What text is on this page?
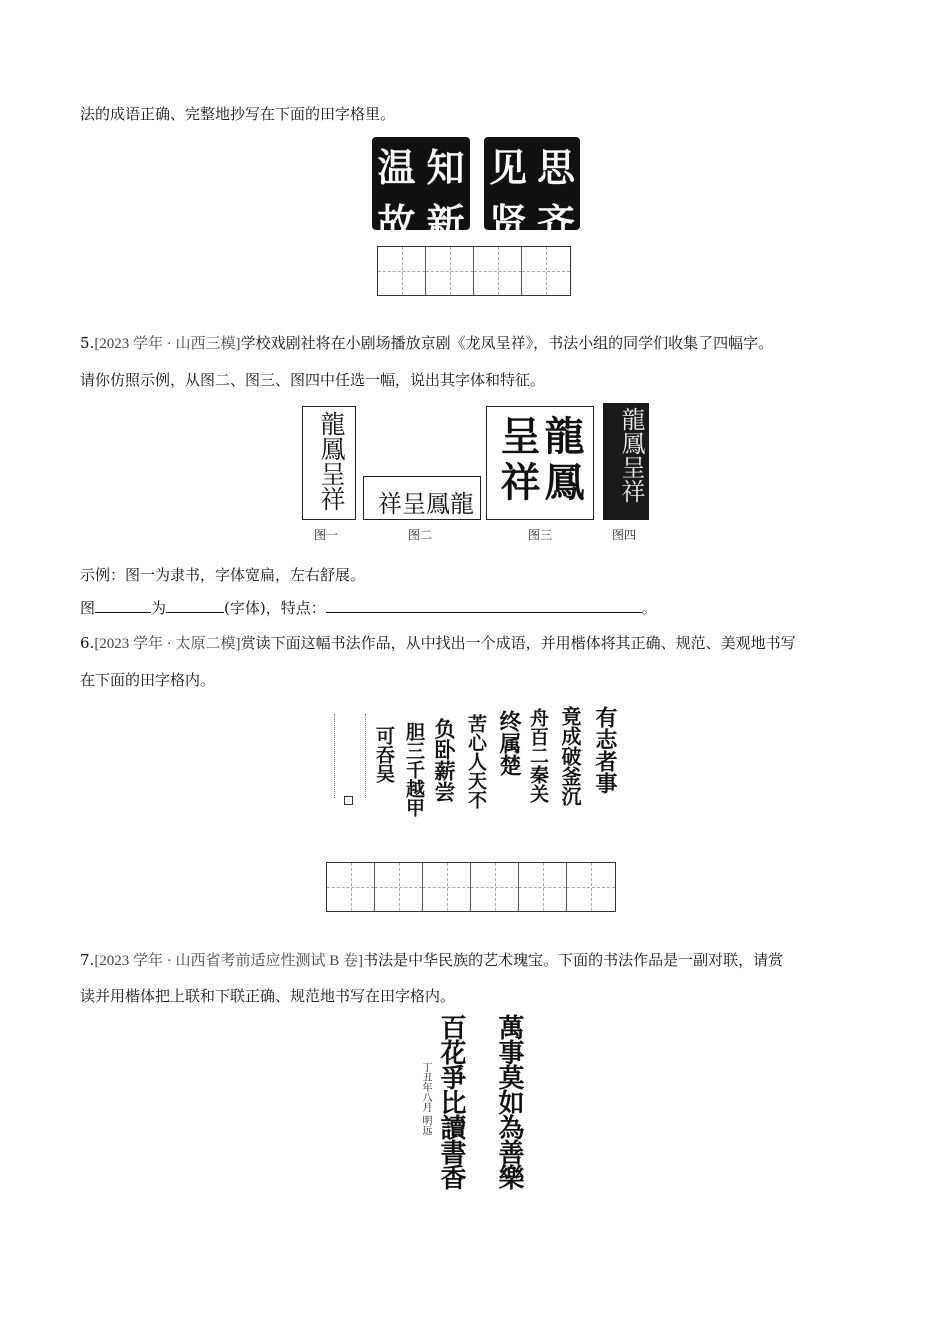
法的成语正确、完整地抄写在下面的田字格里。
温 知
故 新
见 思
贤 齐
5.[2023 学年 · 山西三模]学校戏剧社将在小剧场播放京剧《龙凤呈祥》，书法小组的同学们收集了四幅字。
请你仿照示例，从图二、图三、图四中任选一幅，说出其字体和特征。
龍鳳呈祥
图一
龍鳳呈祥
图二
龍鳳呈祥
图三
龍鳳呈祥
图四
示例：图一为隶书，字体宽扁，左右舒展。
图	为	(字体)，特点：	。
6.[2023 学年 · 太原二模]赏读下面这幅书法作品，从中找出一个成语，并用楷体将其正确、规范、美观地书写
在下面的田字格内。
有志者事
竟成破釜沉
舟百二秦关
终属楚
苦心人天不
负卧薪尝
胆三千越甲
可吞吴
7.[2023 学年 · 山西省考前适应性测试 B 卷]书法是中华民族的艺术瑰宝。下面的书法作品是一副对联，请赏
读并用楷体把上联和下联正确、规范地书写在田字格内。
萬事莫如為善樂
百花爭比讀書香
丁丑年八月 明远
